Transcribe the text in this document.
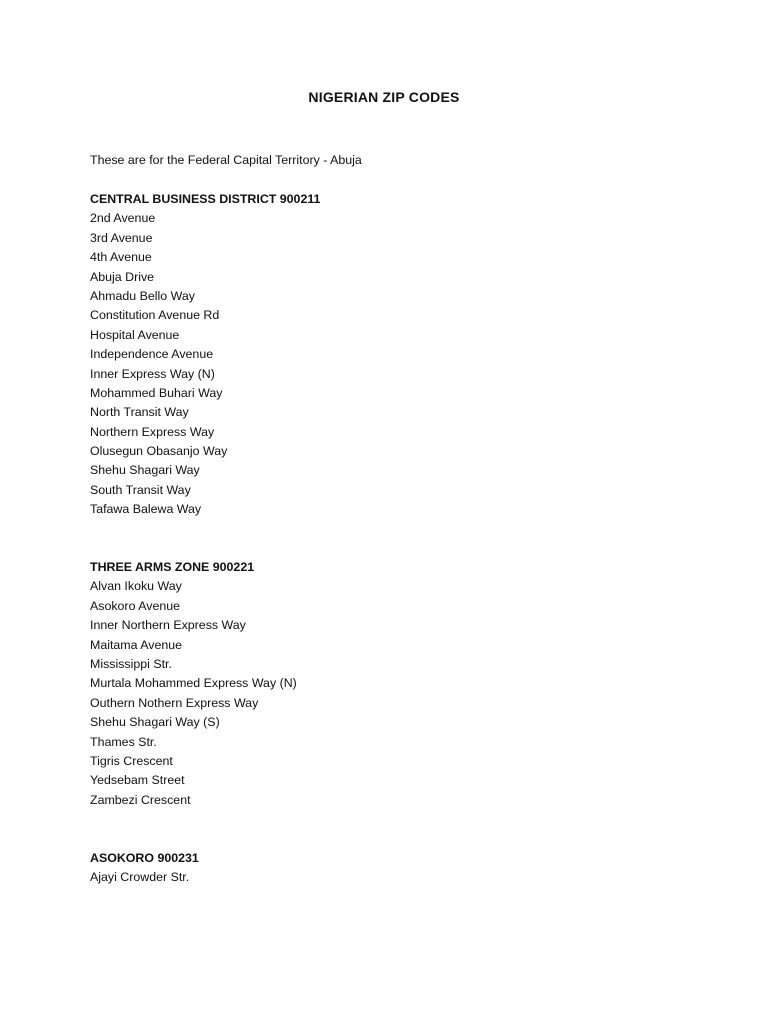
NIGERIAN ZIP CODES
These are for the Federal Capital Territory - Abuja
CENTRAL BUSINESS DISTRICT 900211
2nd Avenue
3rd Avenue
4th Avenue
Abuja Drive
Ahmadu Bello Way
Constitution Avenue Rd
Hospital Avenue
Independence Avenue
Inner Express Way (N)
Mohammed Buhari Way
North Transit Way
Northern Express Way
Olusegun Obasanjo Way
Shehu Shagari Way
South Transit Way
Tafawa Balewa Way
THREE ARMS ZONE 900221
Alvan Ikoku Way
Asokoro Avenue
Inner Northern Express Way
Maitama Avenue
Mississippi Str.
Murtala Mohammed Express Way (N)
Outhern Nothern Express Way
Shehu Shagari Way (S)
Thames Str.
Tigris Crescent
Yedsebam Street
Zambezi Crescent
ASOKORO 900231
Ajayi Crowder Str.
